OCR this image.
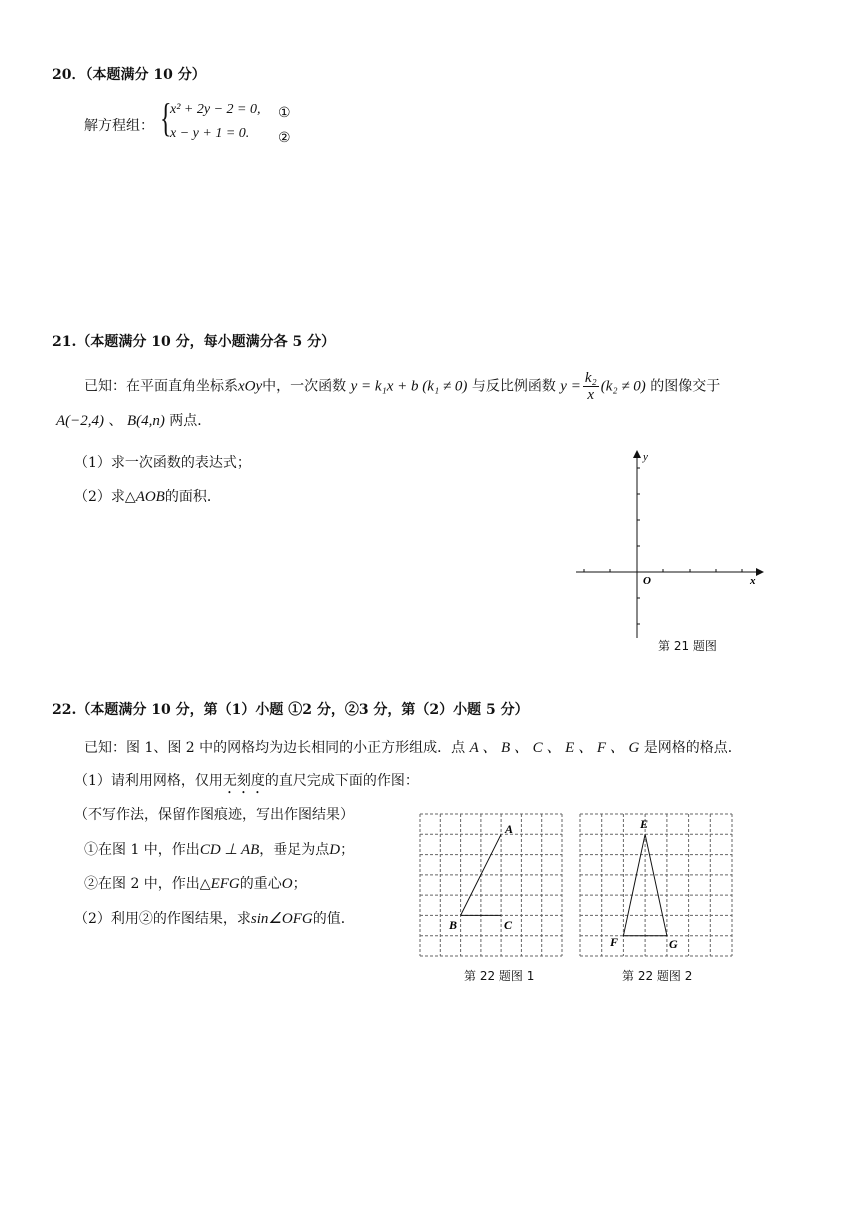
20．（本题满分 10 分）
解方程组： {
x² + 2y − 2 = 0, ①
x − y + 1 = 0. ②
21.（本题满分 10 分，每小题满分各 5 分）
已知：在平面直角坐标系xOy中，一次函数 y = k₁x + b (k₁ ≠ 0) 与反比例函数 $y = \frac{\text{k₂}}{x} (k_2 \ne 0)$ 的图像交于
A(−2,4) 、 B(4,n) 两点．
（1）求一次函数的表达式；
（2）求△AOB的面积．
y
x
O
第 21 题图
22.（本题满分 10 分，第（1）小题 ①2 分，②3 分，第（2）小题 5 分）
已知：图 1、图 2 中的网格均为边长相同的小正方形组成．点 A 、 B 、 C 、 E 、 F 、 G 是网格的格点．
（1）请利用网格，仅用无刻度的直尺完成下面的作图：
（不写作法，保留作图痕迹，写出作图结果）
①在图 1 中，作出CD ⊥ AB，垂足为点D；
②在图 2 中，作出△EFG的重心O；
（2）利用②的作图结果，求sin∠OFG的值．
A
B	C
第 22 题图 1
E
F	G
第 22 题图 2
